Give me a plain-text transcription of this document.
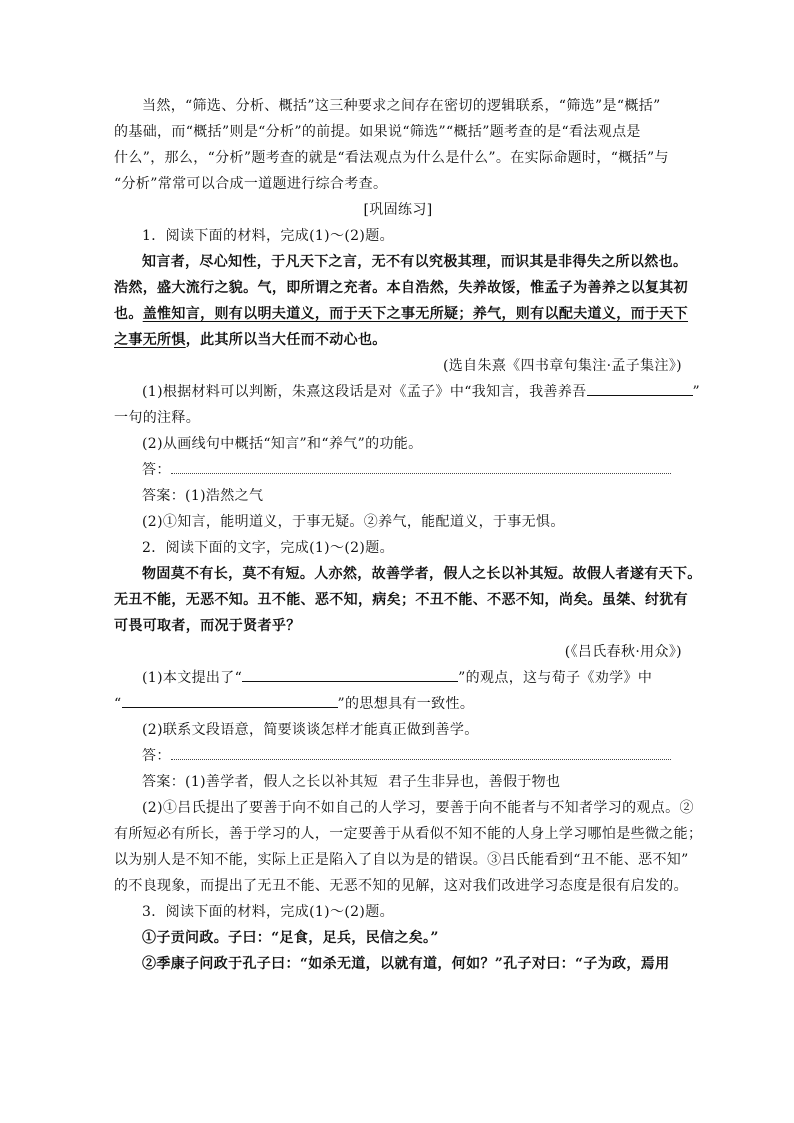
当然，“筛选、分析、概括”这三种要求之间存在密切的逻辑联系，“筛选”是“概括”
的基础，而“概括”则是“分析”的前提。如果说“筛选”“概括”题考查的是“看法观点是
什么”，那么，“分析”题考查的就是“看法观点为什么是什么”。在实际命题时，“概括”与
“分析”常常可以合成一道题进行综合考查。
[巩固练习]
1．阅读下面的材料，完成(1)～(2)题。
知言者，尽心知性，于凡天下之言，无不有以究极其理，而识其是非得失之所以然也。
浩然，盛大流行之貌。气，即所谓之充者。本自浩然，失养故馁，惟孟子为善养之以复其初
也。盖惟知言，则有以明夫道义，而于天下之事无所疑；养气，则有以配夫道义，而于天下
之事无所惧，此其所以当大任而不动心也。
(选自朱熹《四书章句集注·孟子集注》)
(1)根据材料可以判断，朱熹这段话是对《孟子》中“我知言，我善养吾	”
一句的注释。
(2)从画线句中概括“知言”和“养气”的功能。
答：
答案：(1)浩然之气
(2)①知言，能明道义，于事无疑。②养气，能配道义，于事无惧。
2．阅读下面的文字，完成(1)～(2)题。
物固莫不有长，莫不有短。人亦然，故善学者，假人之长以补其短。故假人者遂有天下。
无丑不能，无恶不知。丑不能、恶不知，病矣；不丑不能、不恶不知，尚矣。虽桀、纣犹有
可畏可取者，而况于贤者乎？
(《吕氏春秋·用众》)
(1)本文提出了“	”的观点，这与荀子《劝学》中
“	”的思想具有一致性。
(2)联系文段语意，简要谈谈怎样才能真正做到善学。
答：
答案：(1)善学者，假人之长以补其短 君子生非异也，善假于物也
(2)①吕氏提出了要善于向不如自己的人学习，要善于向不能者与不知者学习的观点。②
有所短必有所长，善于学习的人，一定要善于从看似不知不能的人身上学习哪怕是些微之能；
以为别人是不知不能，实际上正是陷入了自以为是的错误。③吕氏能看到“丑不能、恶不知”
的不良现象，而提出了无丑不能、无恶不知的见解，这对我们改进学习态度是很有启发的。
3．阅读下面的材料，完成(1)～(2)题。
①子贡问政。子曰：“足食，足兵，民信之矣。”
②季康子问政于孔子曰：“如杀无道，以就有道，何如？”孔子对曰：“子为政，焉用
